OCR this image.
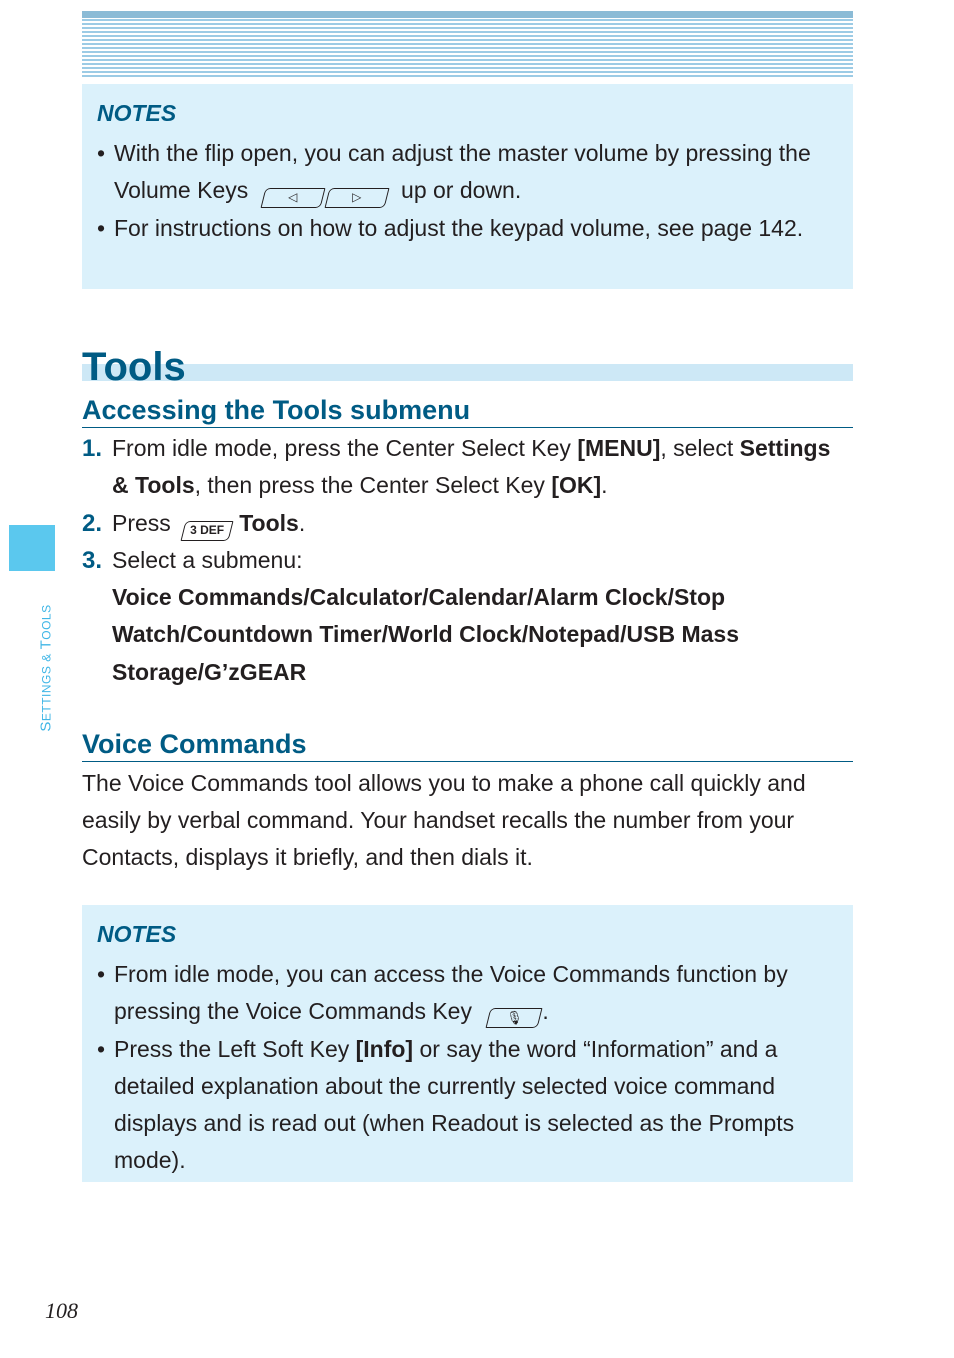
NOTES
• With the flip open, you can adjust the master volume by pressing the Volume Keys	◁	▷ up or down.
• For instructions on how to adjust the keypad volume, see page 142.
Tools
Accessing the Tools submenu
1. From idle mode, press the Center Select Key [MENU], select Settings & Tools, then press the Center Select Key [OK].
2. Press 3 DEF Tools.
3. Select a submenu:
Voice Commands/Calculator/Calendar/Alarm Clock/Stop Watch/Countdown Timer/World Clock/Notepad/USB Mass Storage/G’zGEAR
Voice Commands
The Voice Commands tool allows you to make a phone call quickly and easily by verbal command. Your handset recalls the number from your Contacts, displays it briefly, and then dials it.
NOTES
• From idle mode, you can access the Voice Commands function by pressing the Voice Commands Key	🎙 .
• Press the Left Soft Key [Info] or say the word “Information” and a detailed explanation about the currently selected voice command displays and is read out (when Readout is selected as the Prompts mode).
SETTINGS & TOOLS
108
